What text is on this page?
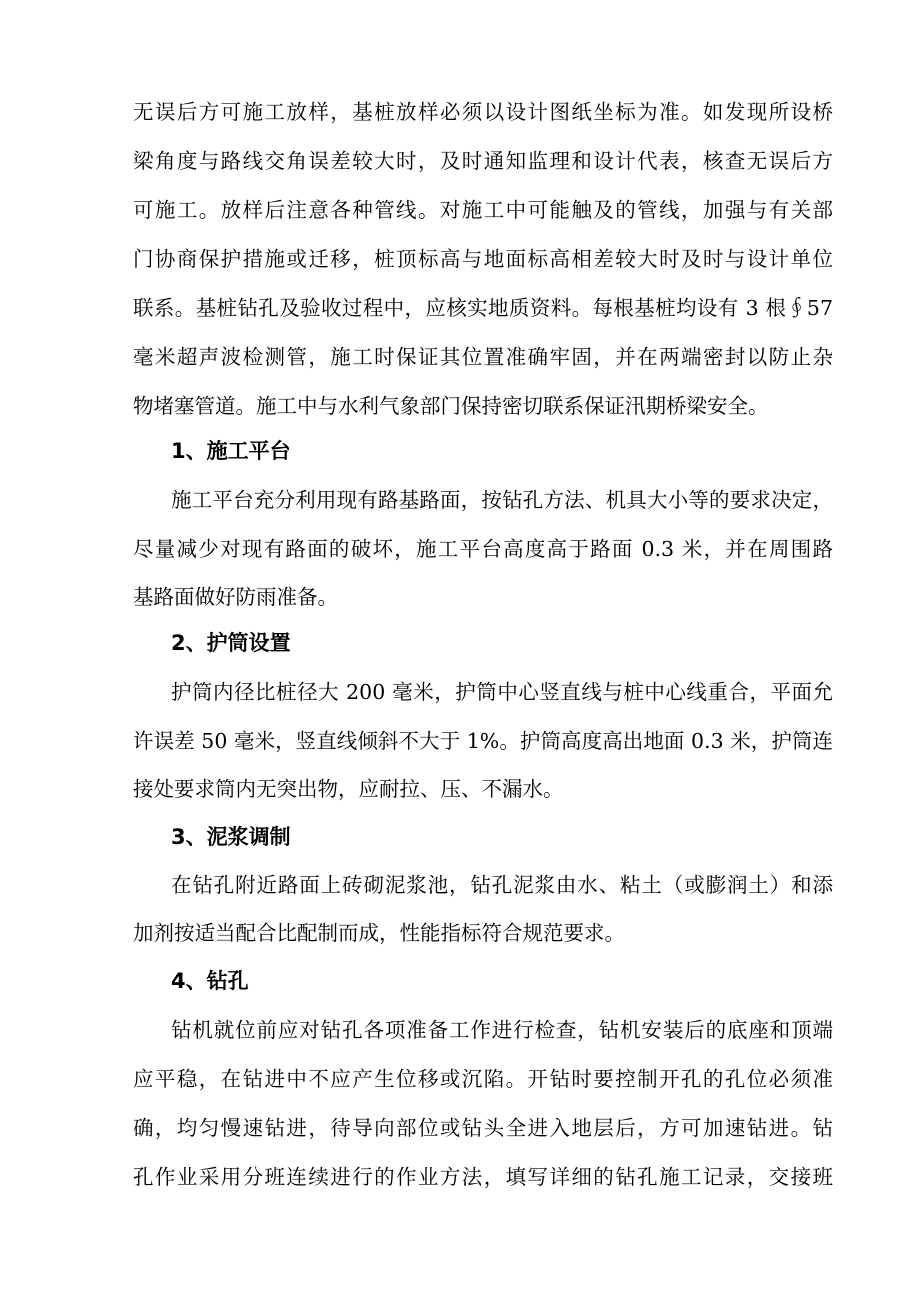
无误后方可施工放样，基桩放样必须以设计图纸坐标为准。如发现所设桥
梁角度与路线交角误差较大时，及时通知监理和设计代表，核查无误后方
可施工。放样后注意各种管线。对施工中可能触及的管线，加强与有关部
门协商保护措施或迁移，桩顶标高与地面标高相差较大时及时与设计单位
联系。基桩钻孔及验收过程中，应核实地质资料。每根基桩均设有 3 根∮57
毫米超声波检测管，施工时保证其位置准确牢固，并在两端密封以防止杂
物堵塞管道。施工中与水利气象部门保持密切联系保证汛期桥梁安全。
1、施工平台
施工平台充分利用现有路基路面，按钻孔方法、机具大小等的要求决定，
尽量减少对现有路面的破坏，施工平台高度高于路面 0.3 米，并在周围路
基路面做好防雨准备。
2、护筒设置
护筒内径比桩径大 200 毫米，护筒中心竖直线与桩中心线重合，平面允
许误差 50 毫米，竖直线倾斜不大于 1%。护筒高度高出地面 0.3 米，护筒连
接处要求筒内无突出物，应耐拉、压、不漏水。
3、泥浆调制
在钻孔附近路面上砖砌泥浆池，钻孔泥浆由水、粘土（或膨润土）和添
加剂按适当配合比配制而成，性能指标符合规范要求。
4、钻孔
钻机就位前应对钻孔各项准备工作进行检查，钻机安装后的底座和顶端
应平稳，在钻进中不应产生位移或沉陷。开钻时要控制开孔的孔位必须准
确，均匀慢速钻进，待导向部位或钻头全进入地层后，方可加速钻进。钻
孔作业采用分班连续进行的作业方法，填写详细的钻孔施工记录，交接班
